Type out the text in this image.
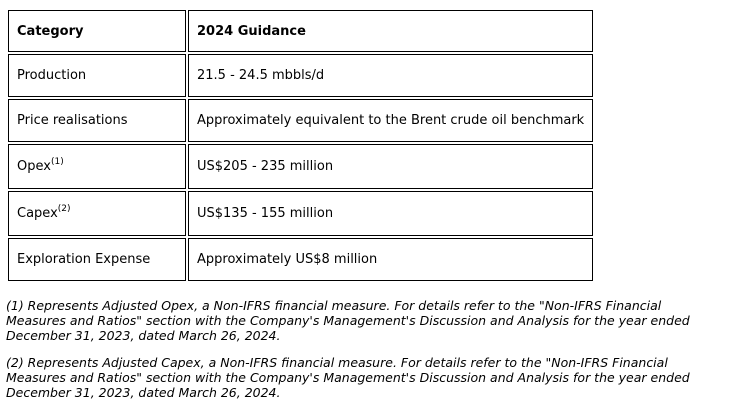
Category	2024 Guidance
Production	21.5 - 24.5 mbbls/d
Price realisations	Approximately equivalent to the Brent crude oil benchmark
Opex$^{(1)}$	US$205 - 235 million
Capex$^{(2)}$	US$135 - 155 million
Exploration Expense	Approximately US$8 million

(1) Represents Adjusted Opex, a Non-IFRS financial measure. For details refer to the "Non-IFRS Financial
Measures and Ratios" section with the Company's Management's Discussion and Analysis for the year ended
December 31, 2023, dated March 26, 2024.

(2) Represents Adjusted Capex, a Non-IFRS financial measure. For details refer to the "Non-IFRS Financial
Measures and Ratios" section with the Company's Management's Discussion and Analysis for the year ended
December 31, 2023, dated March 26, 2024.
